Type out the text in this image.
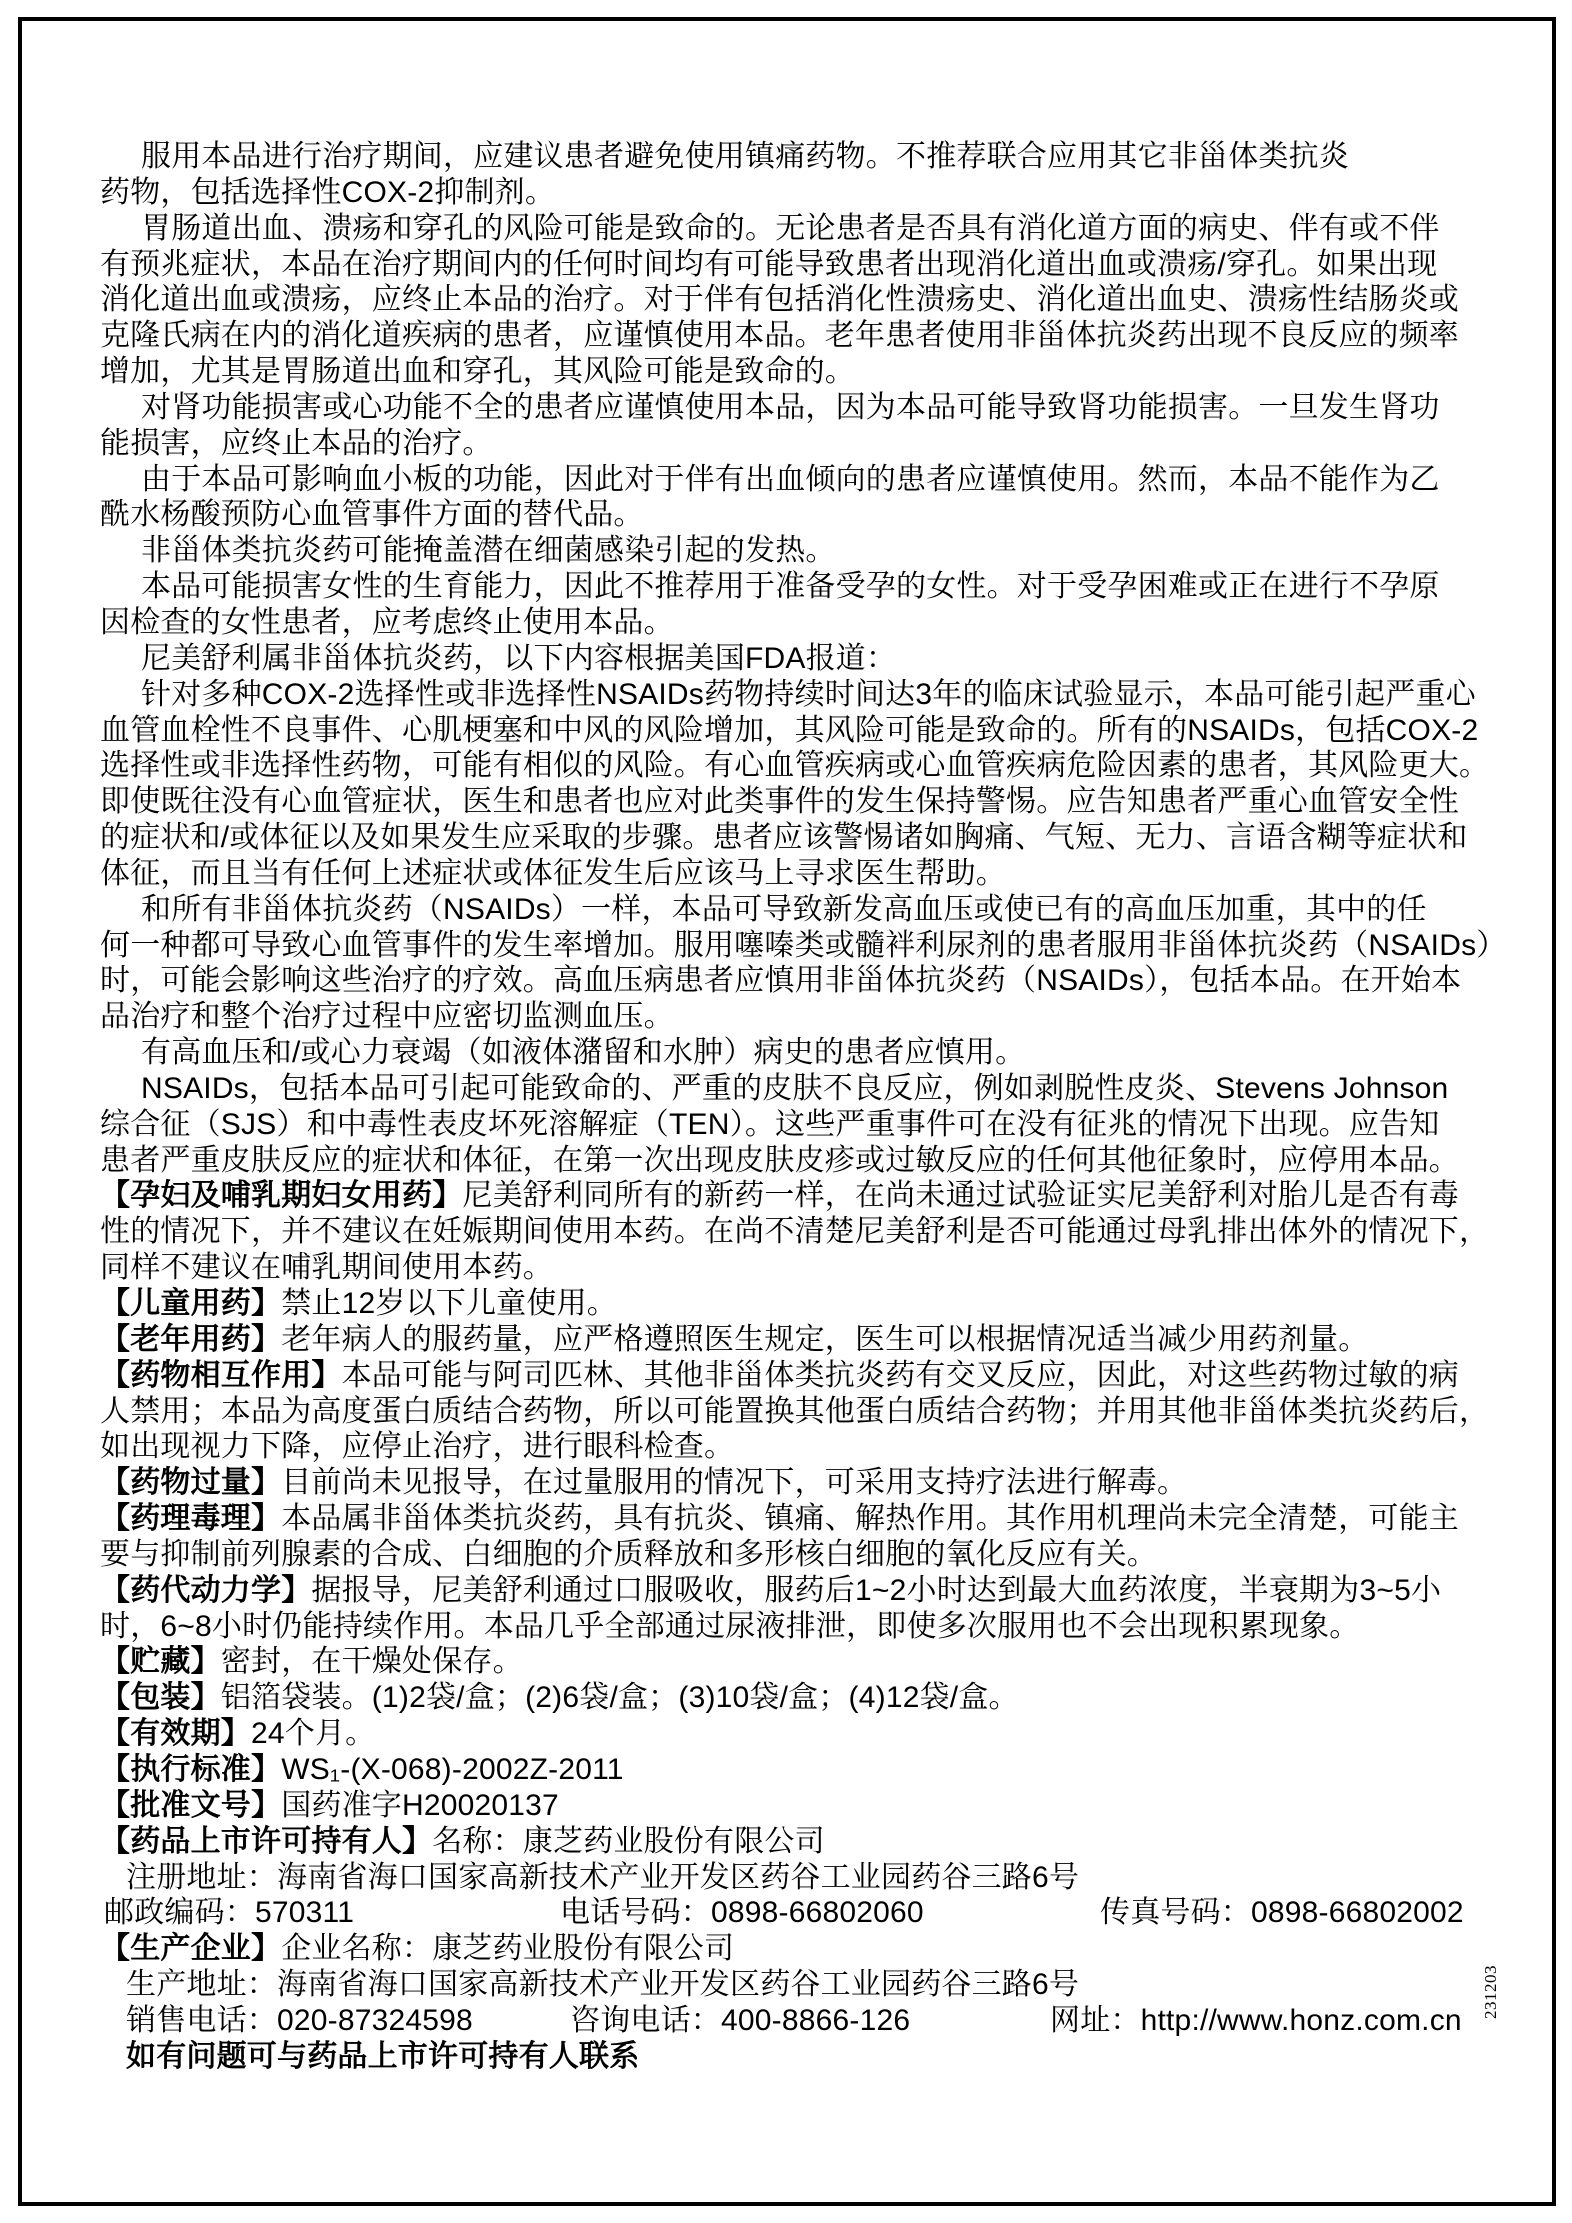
服用本品进行治疗期间，应建议患者避免使用镇痛药物。不推荐联合应用其它非甾体类抗炎
药物，包括选择性COX-2抑制剂。
胃肠道出血、溃疡和穿孔的风险可能是致命的。无论患者是否具有消化道方面的病史、伴有或不伴
有预兆症状，本品在治疗期间内的任何时间均有可能导致患者出现消化道出血或溃疡/穿孔。如果出现
消化道出血或溃疡，应终止本品的治疗。对于伴有包括消化性溃疡史、消化道出血史、溃疡性结肠炎或
克隆氏病在内的消化道疾病的患者，应谨慎使用本品。老年患者使用非甾体抗炎药出现不良反应的频率
增加，尤其是胃肠道出血和穿孔，其风险可能是致命的。
对肾功能损害或心功能不全的患者应谨慎使用本品，因为本品可能导致肾功能损害。一旦发生肾功
能损害，应终止本品的治疗。
由于本品可影响血小板的功能，因此对于伴有出血倾向的患者应谨慎使用。然而，本品不能作为乙
酰水杨酸预防心血管事件方面的替代品。
非甾体类抗炎药可能掩盖潜在细菌感染引起的发热。
本品可能损害女性的生育能力，因此不推荐用于准备受孕的女性。对于受孕困难或正在进行不孕原
因检查的女性患者，应考虑终止使用本品。
尼美舒利属非甾体抗炎药，以下内容根据美国FDA报道：
针对多种COX-2选择性或非选择性NSAIDs药物持续时间达3年的临床试验显示，本品可能引起严重心
血管血栓性不良事件、心肌梗塞和中风的风险增加，其风险可能是致命的。所有的NSAIDs，包括COX-2
选择性或非选择性药物，可能有相似的风险。有心血管疾病或心血管疾病危险因素的患者，其风险更大。
即使既往没有心血管症状，医生和患者也应对此类事件的发生保持警惕。应告知患者严重心血管安全性
的症状和/或体征以及如果发生应采取的步骤。患者应该警惕诸如胸痛、气短、无力、言语含糊等症状和
体征，而且当有任何上述症状或体征发生后应该马上寻求医生帮助。
和所有非甾体抗炎药（NSAIDs）一样，本品可导致新发高血压或使已有的高血压加重，其中的任
何一种都可导致心血管事件的发生率增加。服用噻嗪类或髓袢利尿剂的患者服用非甾体抗炎药（NSAIDs）
时，可能会影响这些治疗的疗效。高血压病患者应慎用非甾体抗炎药（NSAIDs），包括本品。在开始本
品治疗和整个治疗过程中应密切监测血压。
有高血压和/或心力衰竭（如液体潴留和水肿）病史的患者应慎用。
NSAIDs，包括本品可引起可能致命的、严重的皮肤不良反应，例如剥脱性皮炎、Stevens Johnson
综合征（SJS）和中毒性表皮坏死溶解症（TEN）。这些严重事件可在没有征兆的情况下出现。应告知
患者严重皮肤反应的症状和体征，在第一次出现皮肤皮疹或过敏反应的任何其他征象时，应停用本品。
【孕妇及哺乳期妇女用药】尼美舒利同所有的新药一样，在尚未通过试验证实尼美舒利对胎儿是否有毒
性的情况下，并不建议在妊娠期间使用本药。在尚不清楚尼美舒利是否可能通过母乳排出体外的情况下，
同样不建议在哺乳期间使用本药。
【儿童用药】禁止12岁以下儿童使用。
【老年用药】老年病人的服药量，应严格遵照医生规定，医生可以根据情况适当减少用药剂量。
【药物相互作用】本品可能与阿司匹林、其他非甾体类抗炎药有交叉反应，因此，对这些药物过敏的病
人禁用；本品为高度蛋白质结合药物，所以可能置换其他蛋白质结合药物；并用其他非甾体类抗炎药后，
如出现视力下降，应停止治疗，进行眼科检查。
【药物过量】目前尚未见报导，在过量服用的情况下，可采用支持疗法进行解毒。
【药理毒理】本品属非甾体类抗炎药，具有抗炎、镇痛、解热作用。其作用机理尚未完全清楚，可能主
要与抑制前列腺素的合成、白细胞的介质释放和多形核白细胞的氧化反应有关。
【药代动力学】据报导，尼美舒利通过口服吸收，服药后1~2小时达到最大血药浓度，半衰期为3~5小
时，6~8小时仍能持续作用。本品几乎全部通过尿液排泄，即使多次服用也不会出现积累现象。
【贮藏】密封，在干燥处保存。
【包装】铝箔袋装。(1)2袋/盒；(2)6袋/盒；(3)10袋/盒；(4)12袋/盒。
【有效期】24个月。
【执行标准】WS₁-(X-068)-2002Z-2011
【批准文号】国药准字H20020137
【药品上市许可持有人】名称：康芝药业股份有限公司
注册地址：海南省海口国家高新技术产业开发区药谷工业园药谷三路6号
邮政编码：570311	电话号码：0898-66802060	传真号码：0898-66802002
【生产企业】企业名称：康芝药业股份有限公司
生产地址：海南省海口国家高新技术产业开发区药谷工业园药谷三路6号
销售电话：020-87324598	咨询电话：400-8866-126	网址：http://www.honz.com.cn
如有问题可与药品上市许可持有人联系
231203
